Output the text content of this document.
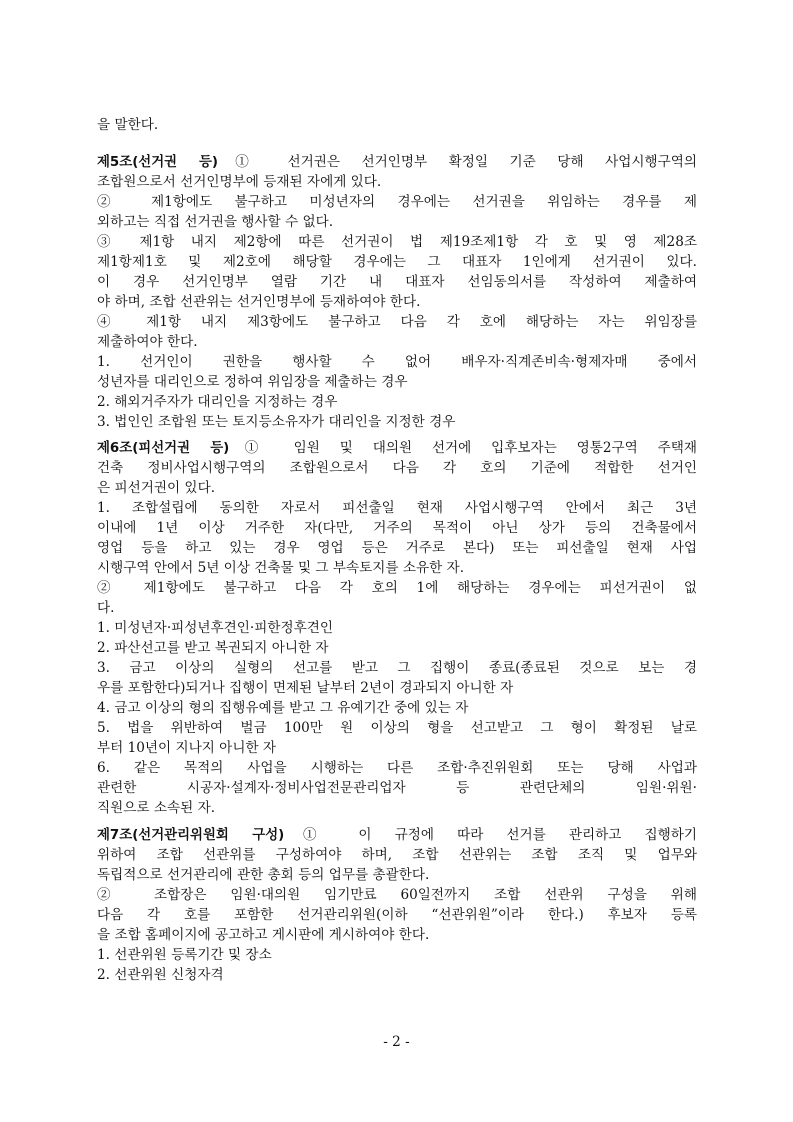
을 말한다.
제5조(선거권 등)① 선거권은 선거인명부 확정일 기준 당해 사업시행구역의
조합원으로서 선거인명부에 등재된 자에게 있다.
② 제1항에도 불구하고 미성년자의 경우에는 선거권을 위임하는 경우를 제
외하고는 직접 선거권을 행사할 수 없다.
③ 제1항 내지 제2항에 따른 선거권이 법 제19조제1항 각 호 및 영 제28조
제1항제1호 및 제2호에 해당할 경우에는 그 대표자 1인에게 선거권이 있다.
이 경우 선거인명부 열람 기간 내 대표자 선임동의서를 작성하여 제출하여
야 하며, 조합 선관위는 선거인명부에 등재하여야 한다.
④ 제1항 내지 제3항에도 불구하고 다음 각 호에 해당하는 자는 위임장를
제출하여야 한다.
1. 선거인이 권한을 행사할 수 없어 배우자·직계존비속·형제자매 중에서
성년자를 대리인으로 정하여 위임장을 제출하는 경우
2. 해외거주자가 대리인을 지정하는 경우
3. 법인인 조합원 또는 토지등소유자가 대리인을 지정한 경우
제6조(피선거권 등)① 임원 및 대의원 선거에 입후보자는 영통2구역 주택재
건축 정비사업시행구역의 조합원으로서 다음 각 호의 기준에 적합한 선거인
은 피선거권이 있다.
1. 조합설립에 동의한 자로서 피선출일 현재 사업시행구역 안에서 최근 3년
이내에 1년 이상 거주한 자(다만, 거주의 목적이 아닌 상가 등의 건축물에서
영업 등을 하고 있는 경우 영업 등은 거주로 본다) 또는 피선출일 현재 사업
시행구역 안에서 5년 이상 건축물 및 그 부속토지를 소유한 자.
② 제1항에도 불구하고 다음 각 호의 1에 해당하는 경우에는 피선거권이 없
다.
1. 미성년자·피성년후견인·피한정후견인
2. 파산선고를 받고 복권되지 아니한 자
3. 금고 이상의 실형의 선고를 받고 그 집행이 종료(종료된 것으로 보는 경
우를 포함한다)되거나 집행이 면제된 날부터 2년이 경과되지 아니한 자
4. 금고 이상의 형의 집행유예를 받고 그 유예기간 중에 있는 자
5. 법을 위반하여 벌금 100만 원 이상의 형을 선고받고 그 형이 확정된 날로
부터 10년이 지나지 아니한 자
6. 같은 목적의 사업을 시행하는 다른 조합·추진위원회 또는 당해 사업과
관련한 시공자·설계자·정비사업전문관리업자 등 관련단체의 임원·위원·
직원으로 소속된 자.
제7조(선거관리위원회 구성)① 이 규정에 따라 선거를 관리하고 집행하기
위하여 조합 선관위를 구성하여야 하며, 조합 선관위는 조합 조직 및 업무와
독립적으로 선거관리에 관한 총회 등의 업무를 총괄한다.
② 조합장은 임원·대의원 임기만료 60일전까지 조합 선관위 구성을 위해
다음 각 호를 포함한 선거관리위원(이하 “선관위원”이라 한다.) 후보자 등록
을 조합 홈페이지에 공고하고 게시판에 게시하여야 한다.
1. 선관위원 등록기간 및 장소
2. 선관위원 신청자격
- 2 -
